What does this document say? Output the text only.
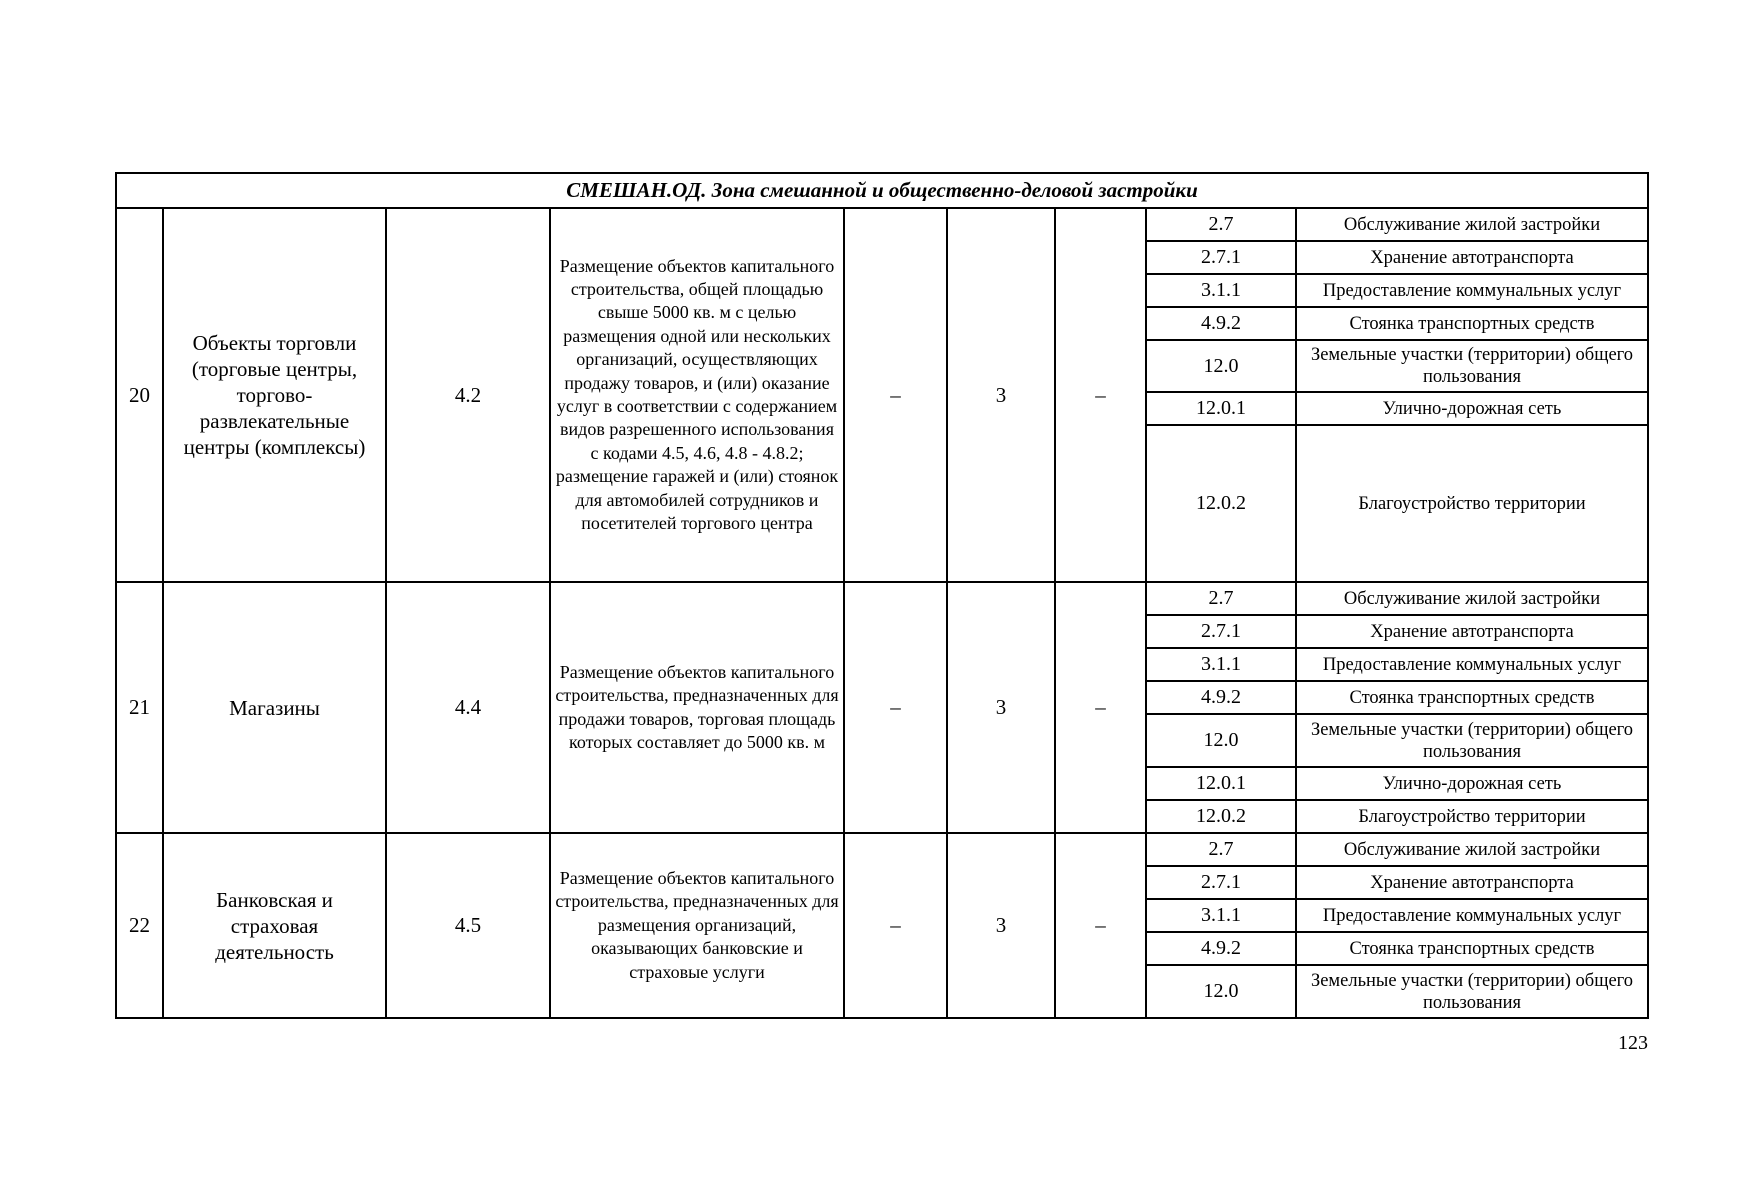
СМЕШАН.ОД. Зона смешанной и общественно-деловой застройки								
20	Объекты торговли (торговые центры, торгово-развлекательные центры (комплексы)	4.2	Размещение объектов капитального строительства, общей площадью свыше 5000 кв. м с целью размещения одной или нескольких организаций, осуществляющих продажу товаров, и (или) оказание услуг в соответствии с содержанием видов разрешенного использования с кодами 4.5, 4.6, 4.8 - 4.8.2; размещение гаражей и (или) стоянок для автомобилей сотрудников и посетителей торгового центра	–	3	–	2.7	Обслуживание жилой застройки
							2.7.1	Хранение автотранспорта
							3.1.1	Предоставление коммунальных услуг
							4.9.2	Стоянка транспортных средств
							12.0	Земельные участки (территории) общего пользования
							12.0.1	Улично-дорожная сеть
							12.0.2	Благоустройство территории
21	Магазины	4.4	Размещение объектов капитального строительства, предназначенных для продажи товаров, торговая площадь которых составляет до 5000 кв. м	–	3	–	2.7	Обслуживание жилой застройки
							2.7.1	Хранение автотранспорта
							3.1.1	Предоставление коммунальных услуг
							4.9.2	Стоянка транспортных средств
							12.0	Земельные участки (территории) общего пользования
							12.0.1	Улично-дорожная сеть
							12.0.2	Благоустройство территории
22	Банковская и страховая деятельность	4.5	Размещение объектов капитального строительства, предназначенных для размещения организаций, оказывающих банковские и страховые услуги	–	3	–	2.7	Обслуживание жилой застройки
							2.7.1	Хранение автотранспорта
							3.1.1	Предоставление коммунальных услуг
							4.9.2	Стоянка транспортных средств
							12.0	Земельные участки (территории) общего пользования
123
